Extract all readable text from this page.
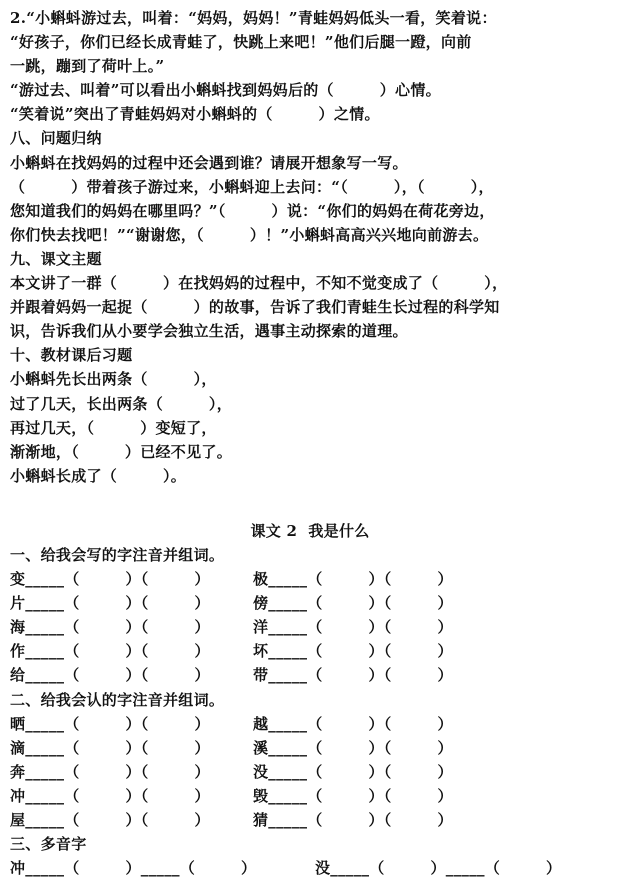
2.“小蝌蚪游过去，叫着：“妈妈，妈妈！”青蛙妈妈低头一看，笑着说：
“好孩子，你们已经长成青蛙了，快跳上来吧！”他们后腿一蹬，向前
一跳，蹦到了荷叶上。”
“游过去、叫着”可以看出小蝌蚪找到妈妈后的（　　　）心情。
“笑着说”突出了青蛙妈妈对小蝌蚪的（　　　）之情。
八、问题归纳
小蝌蚪在找妈妈的过程中还会遇到谁？请展开想象写一写。
（　　　）带着孩子游过来，小蝌蚪迎上去问：“（　　　），（　　　），
您知道我们的妈妈在哪里吗？”（　　　）说：“你们的妈妈在荷花旁边，
你们快去找吧！”“谢谢您，（　　　）！”小蝌蚪高高兴兴地向前游去。
九、课文主题
本文讲了一群（　　　）在找妈妈的过程中，不知不觉变成了（　　　），
并跟着妈妈一起捉（　　　）的故事，告诉了我们青蛙生长过程的科学知
识，告诉我们从小要学会独立生活，遇事主动探索的道理。
十、教材课后习题
小蝌蚪先长出两条（　　　），
过了几天，长出两条（　　　），
再过几天，（　　　）变短了，
渐渐地，（　　　）已经不见了。
小蝌蚪长成了（　　　）。
课文 2  我是什么
一、给我会写的字注音并组词。
变_____（　　　）（　　　）	极_____（　　　）（　　　）
片_____（　　　）（　　　）	傍_____（　　　）（　　　）
海_____（　　　）（　　　）	洋_____（　　　）（　　　）
作_____（　　　）（　　　）	坏_____（　　　）（　　　）
给_____（　　　）（　　　）	带_____（　　　）（　　　）
二、给我会认的字注音并组词。
晒_____（　　　）（　　　）	越_____（　　　）（　　　）
滴_____（　　　）（　　　）	溪_____（　　　）（　　　）
奔_____（　　　）（　　　）	没_____（　　　）（　　　）
冲_____（　　　）（　　　）	毁_____（　　　）（　　　）
屋_____（　　　）（　　　）	猜_____（　　　）（　　　）
三、多音字
冲_____（　　　）_____（　　　）	没_____（　　　）_____（　　　）
